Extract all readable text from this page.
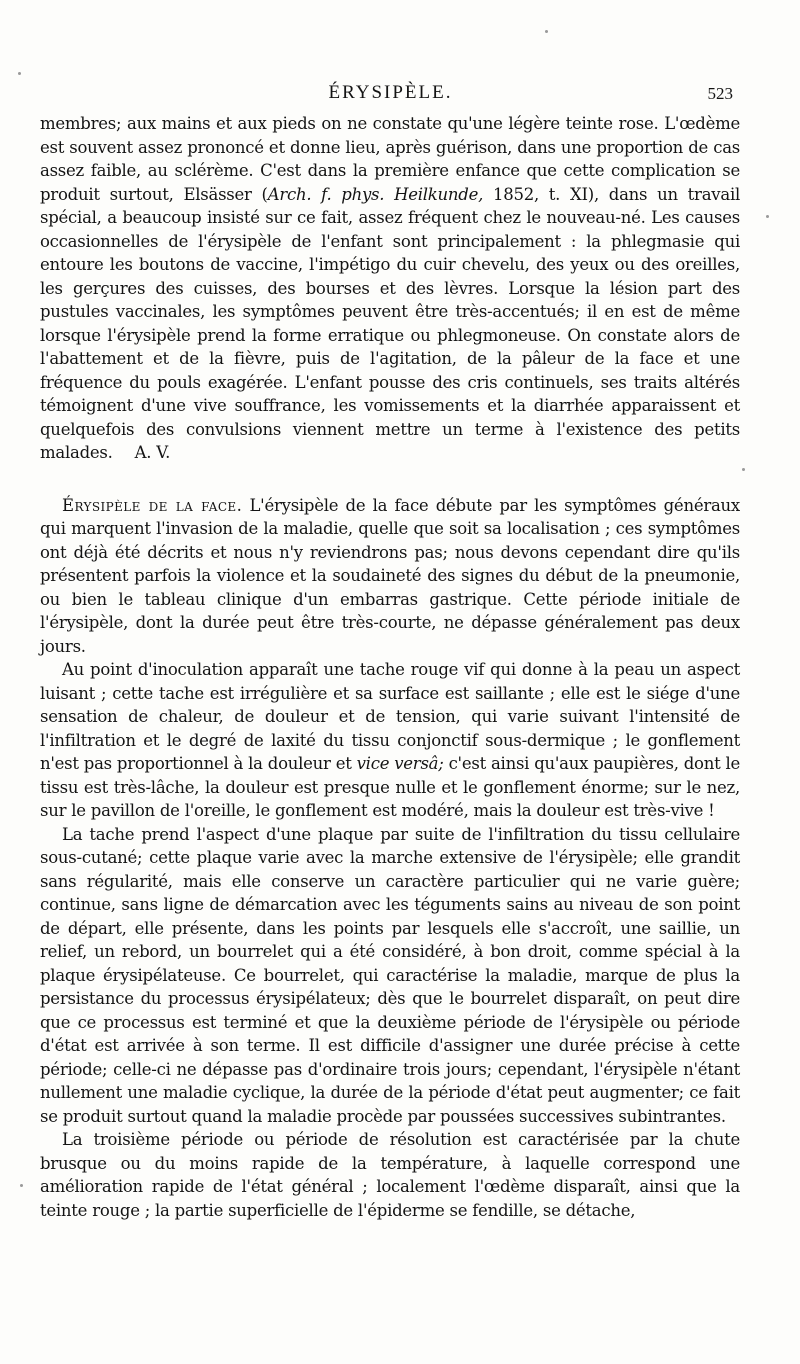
ÉRYSIPÈLE.	523

membres; aux mains et aux pieds on ne constate qu'une légère teinte rose. L'œdème est souvent assez prononcé et donne lieu, après guérison, dans une proportion de cas assez faible, au sclérème. C'est dans la première enfance que cette complication se produit surtout, Elsässer (Arch. f. phys. Heilkunde, 1852, t. XI), dans un travail spécial, a beaucoup insisté sur ce fait, assez fréquent chez le nouveau-né. Les causes occasionnelles de l'érysipèle de l'enfant sont principalement : la phlegmasie qui entoure les boutons de vaccine, l'impétigo du cuir chevelu, des yeux ou des oreilles, les gerçures des cuisses, des bourses et des lèvres. Lorsque la lésion part des pustules vaccinales, les symptômes peuvent être très-accentués; il en est de même lorsque l'érysipèle prend la forme erratique ou phlegmoneuse. On constate alors de l'abattement et de la fièvre, puis de l'agitation, de la pâleur de la face et une fréquence du pouls exagérée. L'enfant pousse des cris continuels, ses traits altérés témoignent d'une vive souffrance, les vomissements et la diarrhée apparaissent et quelquefois des convulsions viennent mettre un terme à l'existence des petits malades. A. V.

Érysipèle de la face. L'érysipèle de la face débute par les symptômes généraux qui marquent l'invasion de la maladie, quelle que soit sa localisation ; ces symptômes ont déjà été décrits et nous n'y reviendrons pas; nous devons cependant dire qu'ils présentent parfois la violence et la soudaineté des signes du début de la pneumonie, ou bien le tableau clinique d'un embarras gastrique. Cette période initiale de l'érysipèle, dont la durée peut être très-courte, ne dépasse généralement pas deux jours.

Au point d'inoculation apparaît une tache rouge vif qui donne à la peau un aspect luisant ; cette tache est irrégulière et sa surface est saillante ; elle est le siége d'une sensation de chaleur, de douleur et de tension, qui varie suivant l'intensité de l'infiltration et le degré de laxité du tissu conjonctif sous-dermique ; le gonflement n'est pas proportionnel à la douleur et vice versâ; c'est ainsi qu'aux paupières, dont le tissu est très-lâche, la douleur est presque nulle et le gonflement énorme; sur le nez, sur le pavillon de l'oreille, le gonflement est modéré, mais la douleur est très-vive !

La tache prend l'aspect d'une plaque par suite de l'infiltration du tissu cellulaire sous-cutané; cette plaque varie avec la marche extensive de l'érysipèle; elle grandit sans régularité, mais elle conserve un caractère particulier qui ne varie guère; continue, sans ligne de démarcation avec les téguments sains au niveau de son point de départ, elle présente, dans les points par lesquels elle s'accroît, une saillie, un relief, un rebord, un bourrelet qui a été considéré, à bon droit, comme spécial à la plaque érysipélateuse. Ce bourrelet, qui caractérise la maladie, marque de plus la persistance du processus érysipélateux; dès que le bourrelet disparaît, on peut dire que ce processus est terminé et que la deuxième période de l'érysipèle ou période d'état est arrivée à son terme. Il est difficile d'assigner une durée précise à cette période; celle-ci ne dépasse pas d'ordinaire trois jours; cependant, l'érysipèle n'étant nullement une maladie cyclique, la durée de la période d'état peut augmenter; ce fait se produit surtout quand la maladie procède par poussées successives subintrantes.

La troisième période ou période de résolution est caractérisée par la chute brusque ou du moins rapide de la température, à laquelle correspond une amélioration rapide de l'état général ; localement l'œdème disparaît, ainsi que la teinte rouge ; la partie superficielle de l'épiderme se fendille, se détache,
